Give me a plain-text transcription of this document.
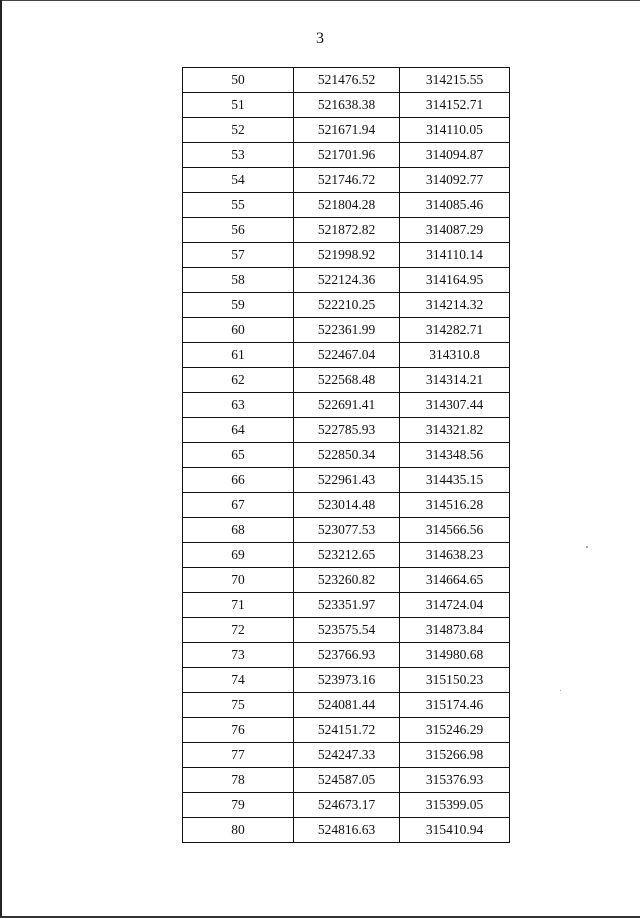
3
50	521476.52	314215.55
51	521638.38	314152.71
52	521671.94	314110.05
53	521701.96	314094.87
54	521746.72	314092.77
55	521804.28	314085.46
56	521872.82	314087.29
57	521998.92	314110.14
58	522124.36	314164.95
59	522210.25	314214.32
60	522361.99	314282.71
61	522467.04	314310.8
62	522568.48	314314.21
63	522691.41	314307.44
64	522785.93	314321.82
65	522850.34	314348.56
66	522961.43	314435.15
67	523014.48	314516.28
68	523077.53	314566.56
69	523212.65	314638.23
70	523260.82	314664.65
71	523351.97	314724.04
72	523575.54	314873.84
73	523766.93	314980.68
74	523973.16	315150.23
75	524081.44	315174.46
76	524151.72	315246.29
77	524247.33	315266.98
78	524587.05	315376.93
79	524673.17	315399.05
80	524816.63	315410.94
